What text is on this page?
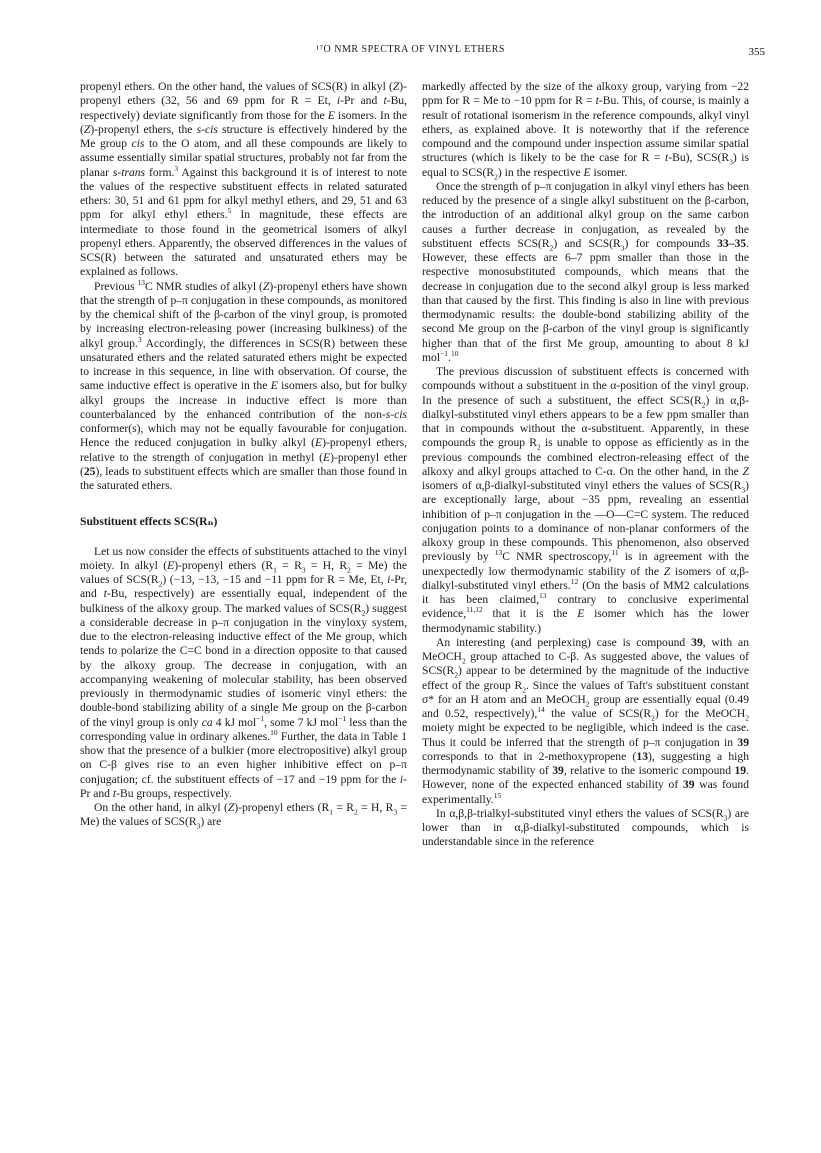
¹⁷O NMR SPECTRA OF VINYL ETHERS	355

propenyl ethers. On the other hand, the values of SCS(R) in alkyl (Z)-propenyl ethers (32, 56 and 69 ppm for R = Et, i-Pr and t-Bu, respectively) deviate significantly from those for the E isomers. In the (Z)-propenyl ethers, the s-cis structure is effectively hindered by the Me group cis to the O atom, and all these compounds are likely to assume essentially similar spatial structures, probably not far from the planar s-trans form.$^3$ Against this background it is of interest to note the values of the respective substituent effects in related saturated ethers: 30, 51 and 61 ppm for alkyl methyl ethers, and 29, 51 and 63 ppm for alkyl ethyl ethers.$^5$ In magnitude, these effects are intermediate to those found in the geometrical isomers of alkyl propenyl ethers. Apparently, the observed differences in the values of SCS(R) between the saturated and unsaturated ethers may be explained as follows.

Previous $^{13}$C NMR studies of alkyl (Z)-propenyl ethers have shown that the strength of p–π conjugation in these compounds, as monitored by the chemical shift of the β-carbon of the vinyl group, is promoted by increasing electron-releasing power (increasing bulkiness) of the alkyl group.$^3$ Accordingly, the differences in SCS(R) between these unsaturated ethers and the related saturated ethers might be expected to increase in this sequence, in line with observation. Of course, the same inductive effect is operative in the E isomers also, but for bulky alkyl groups the increase in inductive effect is more than counterbalanced by the enhanced contribution of the non-s-cis conformer(s), which may not be equally favourable for conjugation. Hence the reduced conjugation in bulky alkyl (E)-propenyl ethers, relative to the strength of conjugation in methyl (E)-propenyl ether (25), leads to substituent effects which are smaller than those found in the saturated ethers.

Substituent effects SCS(Rₙ)

Let us now consider the effects of substituents attached to the vinyl moiety. In alkyl (E)-propenyl ethers ($R_1 = R_3 = H$, $R_2 = Me$) the values of $SCS(R_2)$ (−13, −13, −15 and −11 ppm for R = Me, Et, i-Pr, and t-Bu, respectively) are essentially equal, independent of the bulkiness of the alkoxy group. The marked values of $SCS(R_2)$ suggest a considerable decrease in p–π conjugation in the vinyloxy system, due to the electron-releasing inductive effect of the Me group, which tends to polarize the C=C bond in a direction opposite to that caused by the alkoxy group. The decrease in conjugation, with an accompanying weakening of molecular stability, has been observed previously in thermodynamic studies of isomeric vinyl ethers: the double-bond stabilizing ability of a single Me group on the β-carbon of the vinyl group is only ca 4 kJ mol$^{-1}$, some 7 kJ mol$^{-1}$ less than the corresponding value in ordinary alkenes.$^{10}$ Further, the data in Table 1 show that the presence of a bulkier (more electropositive) alkyl group on C-β gives rise to an even higher inhibitive effect on p–π conjugation; cf. the substituent effects of −17 and −19 ppm for the i-Pr and t-Bu groups, respectively.

On the other hand, in alkyl (Z)-propenyl ethers ($R_1 = R_2 = H$, $R_3 = Me$) the values of $SCS(R_3)$ are

markedly affected by the size of the alkoxy group, varying from −22 ppm for R = Me to −10 ppm for R = t-Bu. This, of course, is mainly a result of rotational isomerism in the reference compounds, alkyl vinyl ethers, as explained above. It is noteworthy that if the reference compound and the compound under inspection assume similar spatial structures (which is likely to be the case for R = t-Bu), $SCS(R_3)$ is equal to $SCS(R_2)$ in the respective E isomer.

Once the strength of p–π conjugation in alkyl vinyl ethers has been reduced by the presence of a single alkyl substituent on the β-carbon, the introduction of an additional alkyl group on the same carbon causes a further decrease in conjugation, as revealed by the substituent effects $SCS(R_2)$ and $SCS(R_3)$ for compounds 33–35. However, these effects are 6–7 ppm smaller than those in the respective monosubstituted compounds, which means that the decrease in conjugation due to the second alkyl group is less marked than that caused by the first. This finding is also in line with previous thermodynamic results: the double-bond stabilizing ability of the second Me group on the β-carbon of the vinyl group is significantly higher than that of the first Me group, amounting to about 8 kJ mol$^{-1}$.$^{10}$

The previous discussion of substituent effects is concerned with compounds without a substituent in the α-position of the vinyl group. In the presence of such a substituent, the effect $SCS(R_2)$ in α,β-dialkyl-substituted vinyl ethers appears to be a few ppm smaller than that in compounds without the α-substituent. Apparently, in these compounds the group $R_2$ is unable to oppose as efficiently as in the previous compounds the combined electron-releasing effect of the alkoxy and alkyl groups attached to C-α. On the other hand, in the Z isomers of α,β-dialkyl-substituted vinyl ethers the values of $SCS(R_3)$ are exceptionally large, about −35 ppm, revealing an essential inhibition of p–π conjugation in the —O—C=C system. The reduced conjugation points to a dominance of non-planar conformers of the alkoxy group in these compounds. This phenomenon, also observed previously by $^{13}$C NMR spectroscopy,$^{11}$ is in agreement with the unexpectedly low thermodynamic stability of the Z isomers of α,β-dialkyl-substituted vinyl ethers.$^{12}$ (On the basis of MM2 calculations it has been claimed,$^{13}$ contrary to conclusive experimental evidence,$^{11,12}$ that it is the E isomer which has the lower thermodynamic stability.)

An interesting (and perplexing) case is compound 39, with an MeOCH$_2$ group attached to C-β. As suggested above, the values of $SCS(R_2)$ appear to be determined by the magnitude of the inductive effect of the group $R_2$. Since the values of Taft's substituent constant σ* for an H atom and an MeOCH$_2$ group are essentially equal (0.49 and 0.52, respectively),$^{14}$ the value of $SCS(R_2)$ for the MeOCH$_2$ moiety might be expected to be negligible, which indeed is the case. Thus it could be inferred that the strength of p–π conjugation in 39 corresponds to that in 2-methoxypropene (13), suggesting a high thermodynamic stability of 39, relative to the isomeric compound 19. However, none of the expected enhanced stability of 39 was found experimentally.$^{15}$

In α,β,β-trialkyl-substituted vinyl ethers the values of $SCS(R_3)$ are lower than in α,β-dialkyl-substituted compounds, which is understandable since in the reference
